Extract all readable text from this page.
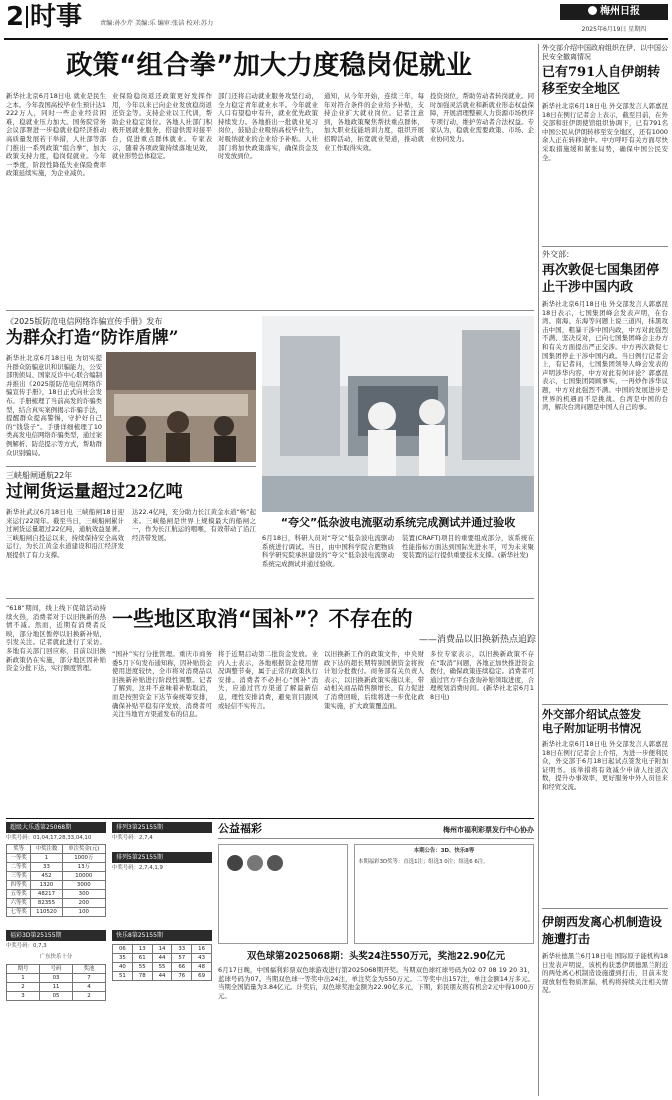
2 时事	责编:孙少芹 美编:乐 编审:张洁 校对:苏力
梅州日报
2025年6月19日 星期四
政策“组合拳”加大力度稳岗促就业
新华社北京6月18日电 就业是民生之本。今年我国高校毕业生预计达1222万人，同时一些企业经营困难，稳就业压力加大。国务院常务会议部署进一步稳就业稳经济推动高质量发展若干举措，人社部等部门推出一系列政策“组合拳”，加大政策支持力度，稳岗促就业。今年一季度，阶段性降低失业保险费率政策延续实施，为企业减负。
业保险稳岗返还政策更好发挥作用，今年以来已向企业发放稳岗返还资金等。支持企业以工代训，帮助企业稳定岗位。各地人社部门积极开展就业服务，搭建供需对接平台，促进重点群体就业。专家表示，随着各项政策持续落地见效，就业形势总体稳定。
部门还将启动就业服务攻坚行动，全力稳定青年就业水平。今年就业人口有望稳中有升，就业优先政策持续发力。各地推出一批就业见习岗位，鼓励企业吸纳高校毕业生，对吸纳就业的企业给予补贴。人社部门将加快政策落实，确保资金及时发放到位。
通知，从今年开始，连续三年，每年对符合条件的企业给予补贴，支持企业扩大就业岗位。记者注意到，各地政策聚焦帮扶重点群体，加大职业技能培训力度，组织开展招聘活动，拓宽就业渠道，推动就业工作取得实效。
投资岗位，帮助劳动者转岗就业。同时加强灵活就业和新就业形态权益保障，开展清理整顿人力资源市场秩序专项行动，维护劳动者合法权益。专家认为，稳就业需要政策、市场、企业协同发力。
《2025版防范电信网络诈骗宣传手册》发布
为群众打造“防诈盾牌”
新华社北京6月18日电 为切实提升群众防骗意识和识骗能力，公安部刑侦局、国家反诈中心联合编制并推出《2025版防范电信网络诈骗宣传手册》，18日正式向社会发布。手册梳理了当前高发的诈骗类型，结合真实案例揭示诈骗手法，提醒群众提高警惕，守护好自己的“钱袋子”。手册详细梳理了10类高发电信网络诈骗类型，通过案例解析、防范提示等方式，帮助群众识别骗局。
三峡船闸通航22年
过闸货运量超过22亿吨
新华社武汉6月18日电 三峡船闸18日迎来运行22周年。截至当日，三峡船闸累计过闸货运量超过22亿吨，通航效益显著。三峡船闸自投运以来，持续保持安全高效运行，为长江黄金水道建设和沿江经济发展提供了有力支撑。
达22.4亿吨，充分助力长江黄金水道“畅”起来。三峡船闸是世界上规模最大的船闸之一，作为长江航运的咽喉，有效带动了沿江经济带发展。
“夸父”低杂波电流驱动系统完成测试并通过验收
6月18日，科研人员对“夸父”低杂波电流驱动系统进行调试。当日，由中国科学院合肥物质科学研究院承担建设的“夸父”低杂波电流驱动系统完成测试并通过验收。
装置(CRAFT)项目的重要组成部分，该系统在性能指标方面达到国际先进水平，可为未来聚变装置的运行提供重要技术支撑。(新华社发)
“618”期间，线上线下促销活动持续火热，消费者对于以旧换新的热情不减。然而，近期有消费者反映，部分地区暂停以旧换新补贴，引发关注。记者就此进行了采访。多地有关部门回应称，目前以旧换新政策仍在实施，部分地区因补贴资金分批下达，实行额度管理。
一些地区取消“国补”？不存在的
——消费品以旧换新热点追踪
“国补”实行分批管理。重庆市商务委5月下旬发布通知称，因补贴资金使用进度较快，全市将对消费品以旧换新补贴进行阶段性调整。记者了解到，这并不意味着补贴取消，而是按照资金下达节奏统筹安排，确保补贴平稳有序发放，消费者可关注当地官方渠道发布的信息。
将于近期启动第二批资金发放。业内人士表示，各地根据资金使用情况调整节奏，属于正常的政策执行安排。消费者不必担心“国补”消失，应通过官方渠道了解最新信息，理性安排消费，避免盲目跟风或轻信不实传言。
以旧换新工作的政策文件，中央财政下达的超长期特别国债资金将按计划分批拨付。商务部有关负责人表示，以旧换新政策实施以来，带动相关商品销售额增长，有力促进了消费回暖，后续将进一步优化政策实施，扩大政策覆盖面。
多位专家表示，以旧换新政策不存在“取消”问题，各地正加快推进资金拨付，确保政策连续稳定。消费者可通过官方平台查询补贴领取进度，合理规划消费时间。(新华社北京6月18日电)
外交部介绍中国政府组织在伊、以中国公民安全撤离情况
已有791人自伊朗转移至安全地区
新华社北京6月18日电 外交部发言人郭嘉昆18日在例行记者会上表示，截至目前，在外交部和驻伊朗使馆组织协调下，已有791名中国公民从伊朗转移至安全地区，还有1000余人正在转移途中。中方呼吁有关方面尽快采取措施缓和紧张局势，确保中国公民安全。
外交部：
再次敦促七国集团停止干涉中国内政
新华社北京6月18日电 外交部发言人郭嘉昆18日表示，七国集团峰会发表声明，在台湾、南海、东海等问题上说三道四，抹黑攻击中国，粗暴干涉中国内政，中方对此强烈不满、坚决反对，已向七国集团峰会主办方和有关方面提出严正交涉。中方再次敦促七国集团停止干涉中国内政。当日例行记者会上，有记者问，七国集团领导人峰会发表的声明涉华内容，中方对此有何评论？郭嘉昆表示，七国集团罔顾事实，一再炒作涉华议题，中方对此强烈不满。中国的发展进步是世界的机遇而不是挑战。台湾是中国的台湾，解决台湾问题是中国人自己的事。
外交部介绍试点签发
电子附加证明书情况
新华社北京6月18日电 外交部发言人郭嘉昆18日在例行记者会上介绍，为进一步便利民众，外交部于6月18日起试点签发电子附加证明书。该举措将有效减少申请人往返次数，提升办事效率，更好服务中外人员往来和经贸交流。
伊朗西发离心机制造设施遭打击
新华社德黑兰6月18日电 国际原子能机构18日发表声明说，该机构获悉伊朗德黑兰附近的两处离心机制造设施遭到打击，目前未发现放射性物质泄漏，机构将持续关注相关情况。
超级大乐透第25068期
中奖号码：01,04,17,28,33,04,10
奖等	中奖注数	单注奖金(元)
一等奖	1	1000万
二等奖	33	13万
三等奖	452	10000
四等奖	1320	3000
五等奖	48217	300
六等奖	82355	200
七等奖	110520	100
福彩3D第25155期
中奖号码：0,7,3
广东快乐十分
期号	号码	奖池
1	03	7
2	11	4
3	05	2
排列3第25155期
中奖号码：2,7,4
排列5第25155期
中奖号码：2,7,4,1,9
快乐8第25155期
06	13	14	33	16
35	61	44	57	43
40	55	55	66	48
51	78	44	76	69
公益福彩	梅州市福利彩票发行中心协办
本期公告：3D、快乐8等
本期福彩3D奖等：直选1注；组选3 0注；组选6 6注。
双色球第2025068期：头奖24注550万元，奖池22.90亿元
6月17日晚，中国福利彩票双色球游戏进行第2025068期开奖。当期双色球红球号码为02 07 08 19 20 31，蓝球号码为07。当期双色球一等奖中出24注，单注奖金为550万元。二等奖中出157注，单注金额14万多元。当期全国销量为3.84亿元。计奖后，双色球奖池金额为22.90亿多元，下期，彩民朋友将有机会2元中得1000万元。
